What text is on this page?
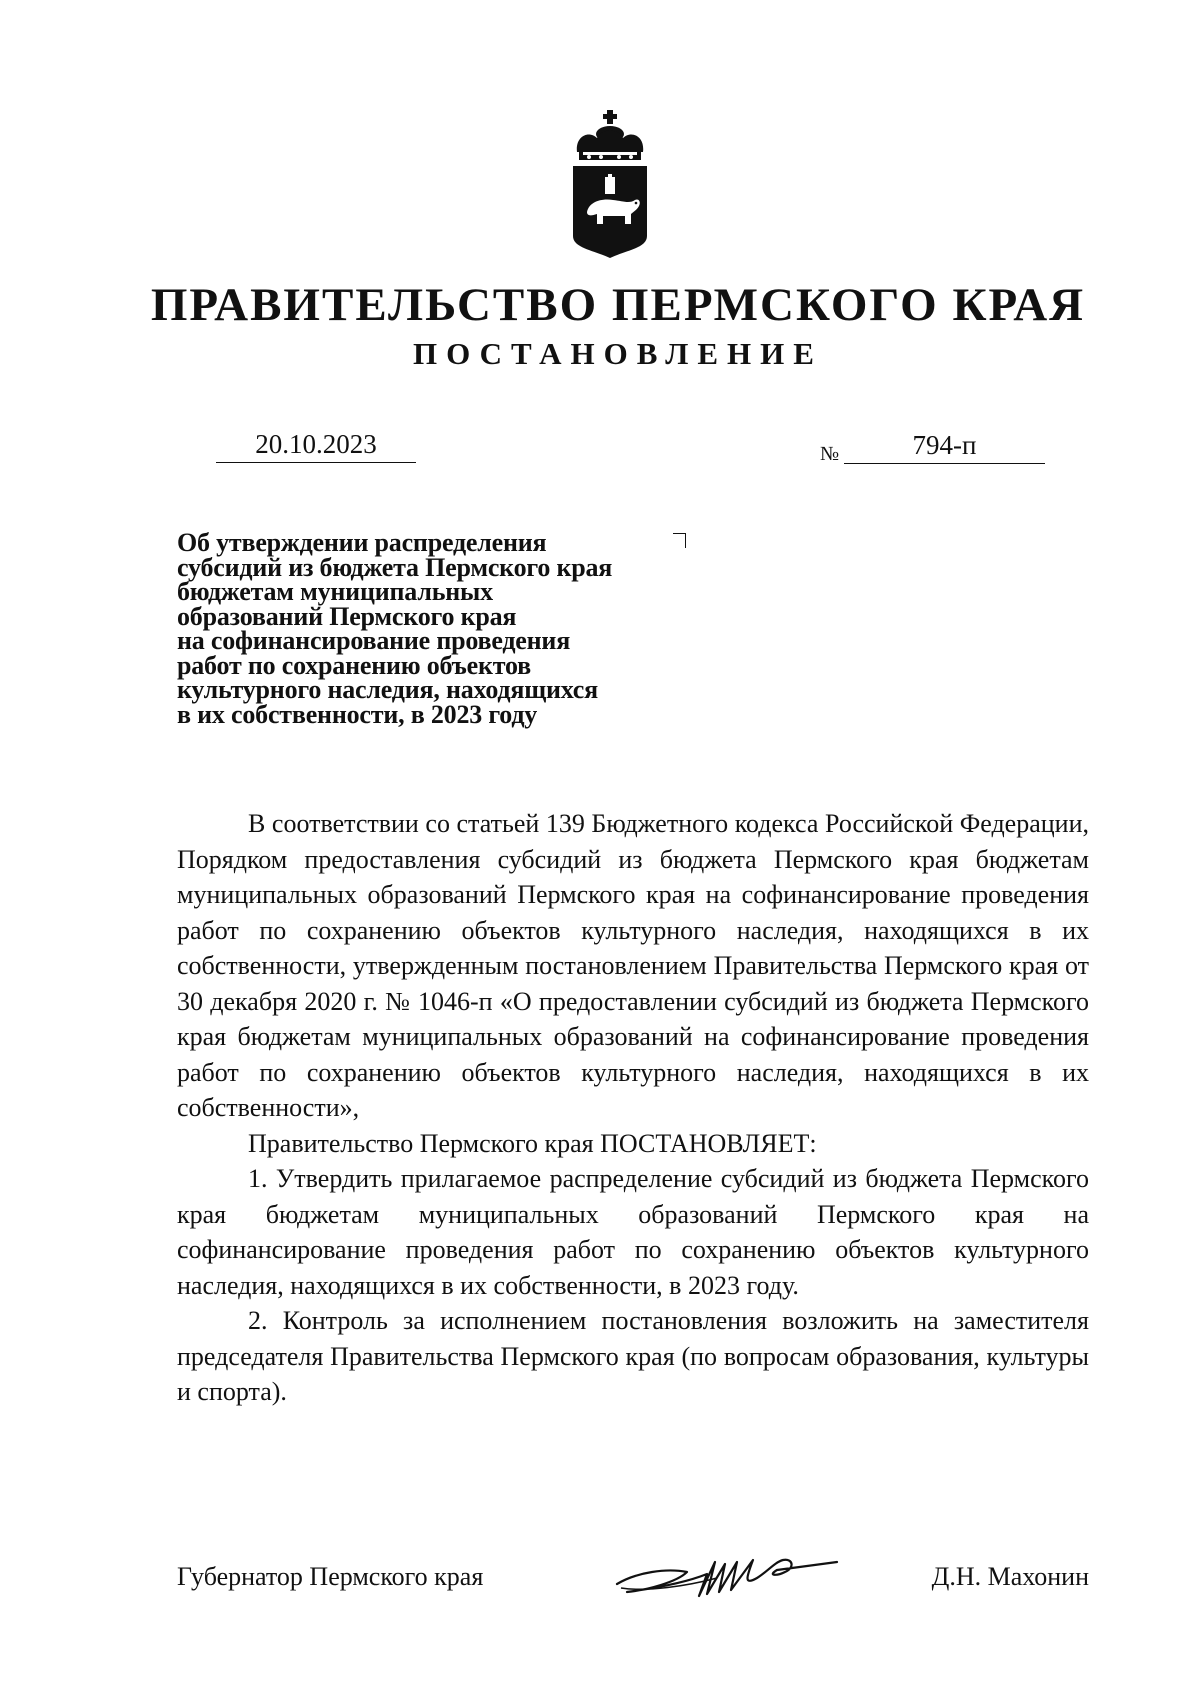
ПРАВИТЕЛЬСТВО ПЕРМСКОГО КРАЯ
ПОСТАНОВЛЕНИЕ
20.10.2023	№	794-п
Об утверждении распределения
субсидий из бюджета Пермского края
бюджетам муниципальных
образований Пермского края
на софинансирование проведения
работ по сохранению объектов
культурного наследия, находящихся
в их собственности, в 2023 году

В соответствии со статьей 139 Бюджетного кодекса Российской Федерации, Порядком предоставления субсидий из бюджета Пермского края бюджетам муниципальных образований Пермского края на софинансирование проведения работ по сохранению объектов культурного наследия, находящихся в их собственности, утвержденным постановлением Правительства Пермского края от 30 декабря 2020 г. № 1046-п «О предоставлении субсидий из бюджета Пермского края бюджетам муниципальных образований на софинансирование проведения работ по сохранению объектов культурного наследия, находящихся в их собственности»,

Правительство Пермского края ПОСТАНОВЛЯЕТ:

1. Утвердить прилагаемое распределение субсидий из бюджета Пермского края бюджетам муниципальных образований Пермского края на софинансирование проведения работ по сохранению объектов культурного наследия, находящихся в их собственности, в 2023 году.

2. Контроль за исполнением постановления возложить на заместителя председателя Правительства Пермского края (по вопросам образования, культуры и спорта).

Губернатор Пермского края	Д.Н. Махонин
